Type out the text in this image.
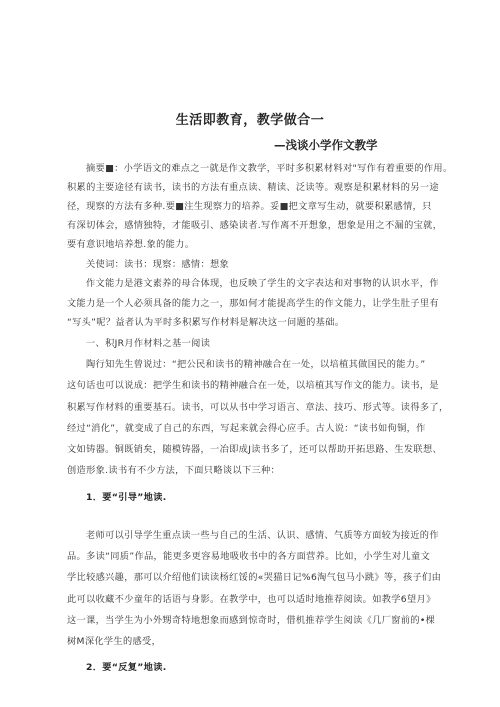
生活即教育，教学做合一
—浅谈小学作文教学
摘要■：小学语文的难点之一就是作文教学，平时多积累材料对"写作有着重要的作用。
积累的主要途径有读书，读书的方法有重点读、精读、泛读等。观察是积累材料的另一途
径，现察的方法有多种.要■注生现察力的培养。妥■把文章写生动，就要积累感情，只
有深切体会，感情独特，才能吸引、感染读者.写作离不开想象，想象是用之不漏的宝就，
要有意识地培养想.象的能力。
关使词：读书：现察：感情：想象
作文能力是港文素养的母合体现，也反映了学生的文字表达和对事物的认识水平，作
文能力是一个人必须具备的能力之一，那如何才能提高学生的作文能力，让学生肚子里有
“写头”呢？益者认为平时多积累写作材料是解决这一问题的基础。
一、积JR月作材料之基一阅读
陶行知先生曾说过：“把公民和读书的精神融合在一处，以培植其做国民的能力。”
这句话也可以说成：把学生和读书的精神融合在一处，以培植其写作文的能力。读书，是
积累写作材料的重要基石。读书，可以从书中学习语言、章法、技巧、形式等。读得多了，
经过“消化”，就变成了自己的东西，写起来就会得心应手。古人说：“读书如佝铜，作
文如铸器。铜既销矣，随模铸器，一冶即成J读书多了，还可以帮助开拓思路、生发联想、
创造形象.读书有不少方法，下面只略谈以下三种：
1．要“引导”地读.
老师可以引导学生重点读一些与自己的生活、认识、感情、气质等方面较为接近的作
品。多读“同质”作品，能更多更容易地吸收书中的各方面营养。比如，小学生对儿童文
学比较感兴趣，那可以介绍他们读读杨红馁的«哭猫日记%6淘气包马小跳》等，孩子们由
此可以收藏不少童年的话语与身影。在教学中，也可以适时地推荐阅读。如教学6望月》
这一课，当学生为小外甥奇特地想象而感到惊奇时，借机推荐学生阅读《几厂窗前的•棵
树M深化学生的感受，
2．要“反复”地读.
